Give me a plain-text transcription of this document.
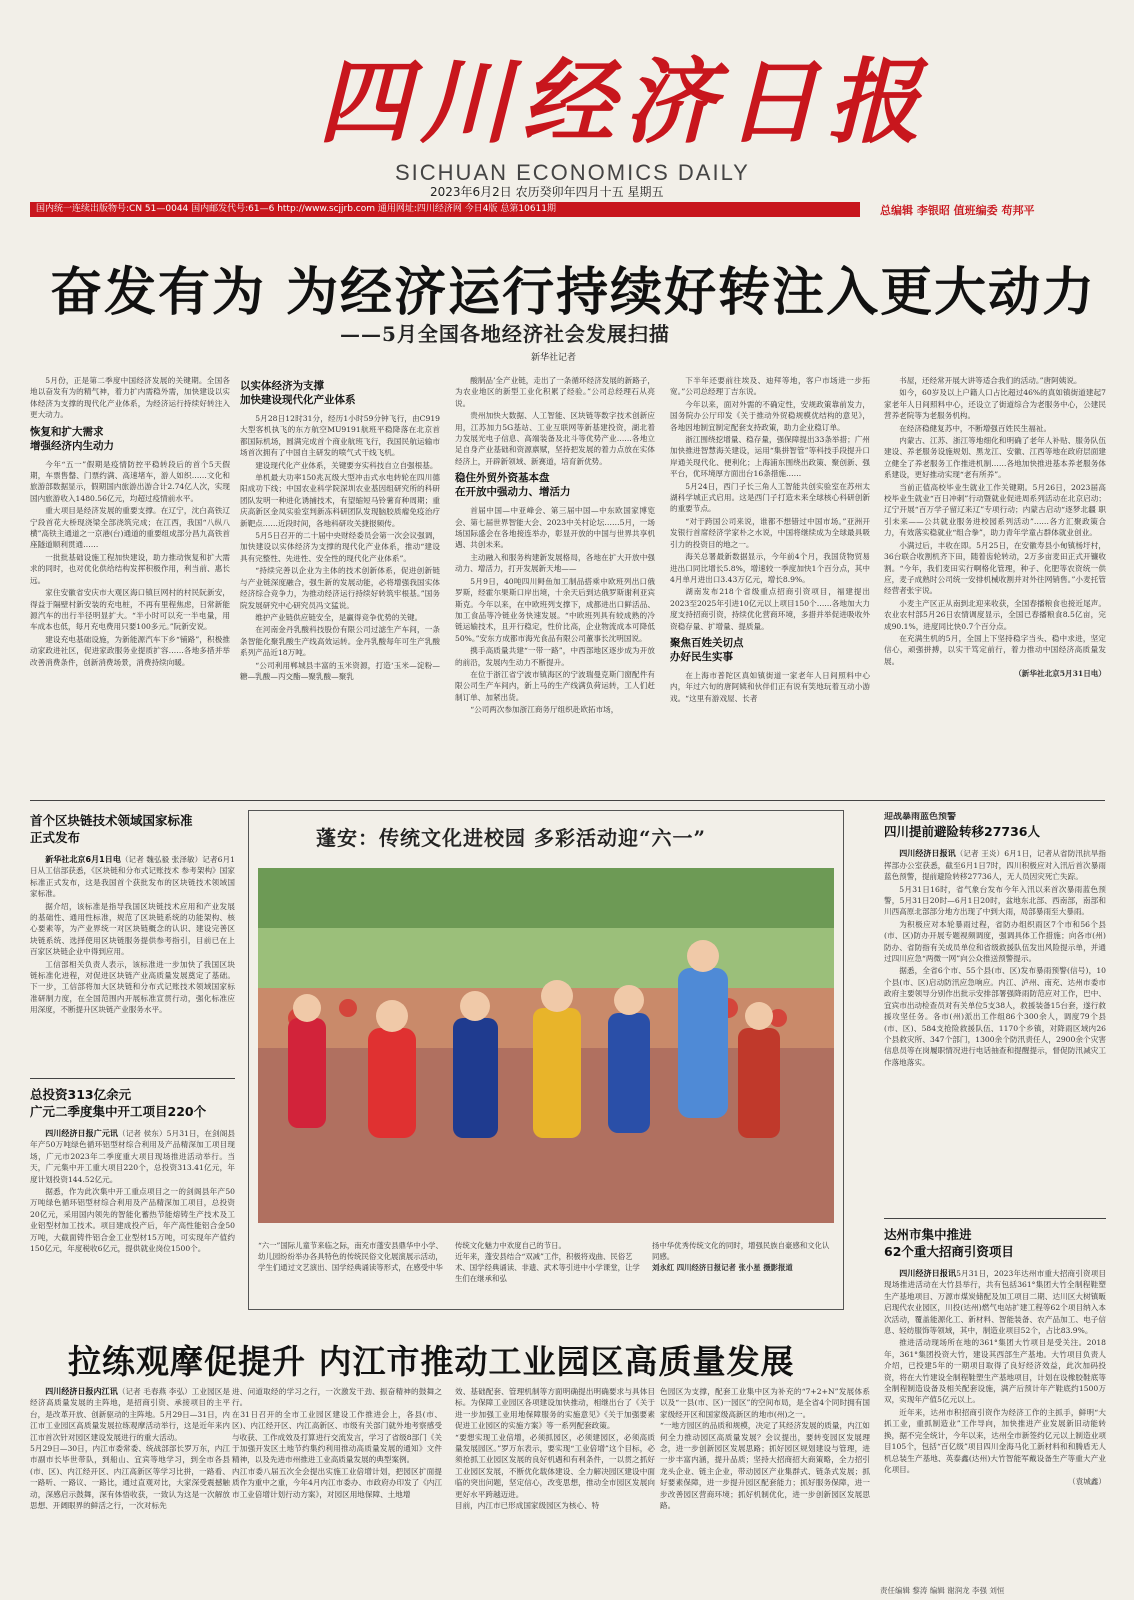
四川经济日报
SICHUAN ECONOMICS DAILY
2023年6月2日 农历癸卯年四月十五 星期五
国内统一连续出版物号:CN 51—0044 国内邮发代号:61—6 http://www.scjjrb.com 通用网址:四川经济网 今日4版 总第10611期	总编辑 李银昭 值班编委 苟邦平
奋发有为 为经济运行持续好转注入更大动力
——5月全国各地经济社会发展扫描
新华社记者

5月份，正是第二季度中国经济发展的关键期。全国各地以奋发有为的精气神，着力扩内需稳外需，加快建设以实体经济为支撑的现代化产业体系，为经济运行持续好转注入更大动力。

恢复和扩大需求
增强经济内生动力

今年“五一”假期是疫情防控平稳转段后的首个5天假期，车票售罄、门票约满、高速堵车，游人如织……文化和旅游部数据显示，假期国内旅游出游合计2.74亿人次，实现国内旅游收入1480.56亿元，均超过疫情前水平。

重大项目是经济发展的重要支撑。在辽宁，沈白高铁辽宁段首花大桥现浇梁全部浇筑完成；在江西，我国“八纵八横”高铁主通道之一京港(台)通道的重要组成部分昌九高铁首座隧道顺利贯通……

一批批基础设施工程加快建设，助力推动恢复和扩大需求的同时，也对优化供给结构发挥积极作用，利当前、惠长远。

家住安徽省安庆市大观区海口镇巨网村的村民阮新安，得益于隔壁村新安装的充电桩，不再有里程焦虑，日常新能源汽车的出行半径明显扩大。“半小时可以充一半电量，用车成本也低，每月充电费用只要100多元。”阮新安说。

建设充电基础设施，为新能源汽车下乡“铺路”，积极推动家政进社区，促进家政服务业提质扩容……各地多措并举改善消费条件，创新消费场景，消费持续向暖。

以实体经济为支撑
加快建设现代化产业体系

5月28日12时31分，经历1小时59分钟飞行，由C919大型客机执飞的东方航空MU9191航班平稳降落在北京首都国际机场，圆满完成首个商业航班飞行，我国民航运输市场首次拥有了中国自主研发的喷气式干线飞机。

建设现代化产业体系，关键要夯实科技自立自强根基。

单机最大功率150兆瓦级大型冲击式水电转轮在四川德阳成功下线；中国农业科学院深圳农业基因组研究所的科研团队发明一种进化诱捕技术，有望缩短马铃薯育种周期；重庆高新区金凤实验室判新冻科研团队发现脑胶质瘤免疫治疗新靶点……近段时间，各地科研攻关捷报频传。

5月5日召开的二十届中央财经委员会第一次会议强调，加快建设以实体经济为支撑的现代化产业体系，推动“建设具有完整性、先进性、安全性的现代化产业体系”。

“持续完善以企业为主体的技术创新体系，促进创新链与产业链深度融合，强生新的发展动能，必将增强我国实体经济综合竞争力，为推动经济运行持续好转筑牢根基。”国务院发展研究中心研究员冯文猛说。

维护产业链供应链安全，是赢得竞争优势的关键。

在河南金丹乳酸科技股份有限公司过滤生产车间，一条条智能化聚乳酸生产线高效运转。金丹乳酸每年可生产乳酸系列产品近18万吨。

“公司利用郸城县丰富的玉米资源，打造‘玉米—淀粉—糖—乳酸—丙交酯—聚乳酸—聚乳

酸制品’全产业链，走出了一条循环经济发展的新路子，为农业地区的新型工业化积累了经验。”公司总经理石从亮说。

贵州加快大数据、人工智能、区块链等数字技术创新应用，江苏加力5G基站、工业互联网等新基建投资，湖北着力发展光电子信息、高端装备及北斗等优势产业……各地立足自身产业基础和资源禀赋，坚持把发展的着力点放在实体经济上，开辟新领域、新赛道，培育新优势。

稳住外贸外资基本盘
在开放中强动力、增活力

首届中国—中亚峰会、第三届中国—中东欧国家博览会、第七届世界智能大会、2023中关村论坛……5月，一场场国际盛会在各地接连举办，彰显开放的中国与世界共享机遇、共创未来。

主动融入和服务构建新发展格局，各地在扩大开放中强动力、增活力，打开发展新天地——

5月9日，40吨四川鲟鱼加工制品搭乘中欧班列出口俄罗斯，经霍尔果斯口岸出境，十余天后到达俄罗斯谢利亚宾斯克。今年以来，在中欧班列支撑下，成都进出口鲜活品、加工食品等冷链业务快速发展。“中欧班列具有较成熟的冷链运输技术，且开行稳定，性价比高，企业物流成本可降低50%。”安东方成都市海光食品有限公司董事长沈明国说。

携手高质量共建“一带一路”，中西部地区逐步成为开放的前沿，发展内生动力不断提升。

在位于浙江省宁波市镇海区的宁波瑞曼克斯门窗配件有限公司生产车间内，新上马的生产线满负荷运转，工人们赶制订单、加紧出货。

“公司两次参加浙江商务厅组织赴欧拓市场，

下半年还要前往埃及、迪拜等地，客户市场进一步拓宽。”公司总经理丁吉东说。

今年以来，面对外需的不确定性，安规政策靠前发力，国务院办公厅印发《关于推动外贸稳规模优结构的意见》，各地因地制宜制定配套支持政策，助力企业稳订单。

浙江围绕挖增量、稳存量，强保障提出33条举措；广州加快推进智慧海关建设，运用“集拼智管”等科技手段提升口岸通关现代化、便利化；上海浦东围绕出政策、聚创新、强平台，优环境厚方面出台16条措施……

5月24日，西门子长三角人工智能共创实验室在苏州太湖科学城正式启用。这是西门子打造未来全球核心科研创新的重要节点。

“对于跨国公司来说，谁都不想错过中国市场。”亚洲开发银行首席经济学家朴之水说，中国将继续成为全球最具吸引力的投资目的地之一。

海关总署最新数据显示，今年前4个月，我国货物贸易进出口同比增长5.8%，增速较一季度加快1个百分点，其中4月单月进出口3.43万亿元，增长8.9%。

湖南发布218个省级重点招商引资项目，福建提出2023至2025年引进10亿元以上项目150个……各地加大力度支持招商引资，持续优化营商环境，多措并举促进吸收外资稳存量、扩增量、提质量。

聚焦百姓关切点
办好民生实事

在上海市普陀区真如镇街道一家老年人日间照料中心内，年过六旬的唐阿姨和伙伴们正有说有笑地玩着互动小游戏。“这里有游戏屋、长者

书屋，还经常开展大讲等适合我们的活动。”唐阿姨说。

如今，60岁及以上户籍人口占比超过46%的真如镇街道建起7家老年人日间照料中心，还设立了街道综合为老服务中心，公建民营养老院等为老服务机构。

在经济稳健复苏中，不断增强百姓民生福祉。

内蒙古、江苏、浙江等地细化和明确了老年人补贴、服务队伍建设、养老服务设施规划、黑龙江、安徽、江西等地在政府层面建立健全了养老服务工作推进机制……各地加快推进基本养老服务体系建设，更好推动实现“老有所养”。

当前正值高校毕业生就业工作关键期。5月26日，2023届高校毕业生就业“百日冲刺”行动暨就业促进周系列活动在北京启动；辽宁开展“百万学子留辽来辽”专项行动；内蒙古启动“逐梦北疆 职引未来——公共就业服务进校园系列活动”……各方汇聚政策合力，有效落实稳就业“组合拳”，助力青年学童占群体就业创业。

小满过后，丰收在即。5月25日，在安徽寿县小甸镇杨圩村，36台联合收割机齐下田，随着齿轮转动，2万多亩麦田正式开镰收割。“今年，我们麦田实行啊格化管理，种子、化肥等农资统一供应，麦子成熟时公司统一安排机械收割并对外往网销售。”小麦托管经营者张宇说。

小麦主产区正从南到北迎来收获，全国春播粮食也接近尾声。农业农村部5月26日农情调度显示，全国已春播粮食8.5亿亩，完成90.1%，进度同比快0.7个百分点。

在充满生机的5月，全国上下坚持稳字当头、稳中求进，坚定信心，顽强拼搏，以实干笃定前行，着力推动中国经济高质量发展。

（新华社北京5月31日电）

首个区块链技术领域国家标准
正式发布

新华社北京6月1日电（记者 魏弘毅 张泽敏）记者6月1日从工信部获悉，《区块链和分布式记账技术 参考架构》国家标准正式发布，这是我国首个获批发布的区块链技术领域国家标准。

据介绍，该标准是指导我国区块链技术应用和产业发展的基础性、通用性标准，规范了区块链系统的功能架构、核心要素等，为产业界统一对区块链概念的认识、建设完善区块链系统、选择使用区块链服务提供参考指引，目前已在上百家区块链企业中得到应用。

工信部相关负责人表示，该标准进一步加快了我国区块链标准化进程，对促进区块链产业高质量发展奠定了基础。下一步，工信部将加大区块链和分布式记账技术领域国家标准研制力度，在全国范围内开展标准宣贯行动，强化标准应用深度，不断提升区块链产业服务水平。

总投资313亿余元
广元二季度集中开工项目220个

四川经济日报广元讯（记者 侯东）5月31日，在剑阁县年产50万吨绿色循环铝型材综合利用及产品精深加工项目现场，广元市2023年二季度重大项目现场推进活动举行。当天，广元集中开工重大项目220个，总投资313.41亿元，年度计划投资144.52亿元。

据悉，作为此次集中开工重点项目之一的剑阁县年产50万吨绿色循环铝型材综合利用及产品精深加工项目，总投资20亿元，采用国内领先的智能化蓄热节能熔铸生产技术及工业铝型材加工技术。项目建成投产后，年产高性能铝合金50万吨，大截面铸件铝合金工业型材15万吨，可实现年产值约150亿元，年度税收6亿元，提供就业岗位1500个。

蓬安：传统文化进校园 多彩活动迎“六一”
“六一”国际儿童节来临之际，南充市蓬安县鼎华中小学、幼儿园纷纷举办各具特色的传统民俗文化展演展示活动，学生们通过文艺演出、国学经典诵读等形式，在感受中华
传统文化魅力中欢度自己的节日。
近年来，蓬安县结合“双减”工作，积极将戏曲、民俗艺术、国学经典诵读、非遗、武术等引进中小学课堂，让学生们在继承和弘
扬中华优秀传统文化的同时，增强民族自豪感和文化认同感。
刘永红 四川经济日报记者 张小星 摄影报道
迎战暴雨蓝色预警
四川提前避险转移27736人

四川经济日报讯（记者 王炎）6月1日，记者从省防汛抗旱指挥部办公室获悉，截至6月1日7时，四川积极应对入汛后首次暴雨蓝色预警，提前避险转移27736人，无人员因灾死亡失踪。

5月31日16时，省气象台发布今年入汛以来首次暴雨蓝色预警，5月31日20时—6月1日20时，盆地东北部、西南部，南部和川西高原北部部分地方出现了中到大雨，局部暴雨至大暴雨。

为积极应对本轮暴雨过程，省防办组织雨区7个市和56个县(市、区)防办开展专题视频调度，强调具体工作措施；向各市(州)防办、省防指有关成员单位和省级救援队伍发出风险提示单，并通过四川应急“两微一网”向公众推送预警提示。

据悉，全省6个市、55个县(市、区)发布暴雨预警(信号)，10个县(市、区)启动防汛应急响应。内江、泸州、南充、达州市委市政府主要领导分别作出批示安排部署强降雨防范应对工作，巴中、宜宾市出动检查员对有关单位5支38人，救援装备15台套，遂行救援攻坚任务。各市(州)派出工作组86个300余人，调度79个县(市、区)、584支抢险救援队伍、1170个乡镇，对降雨区域内26个县救灾所、347个部门，1300余个防汛责任人，2900余个灾害信息员等在岗履职情况进行电话抽查和提醒提示，督促防汛减灾工作落地落实。

达州市集中推进
62个重大招商引资项目

四川经济日报讯5月31日，2023年达州市重大招商引资项目现场推进活动在大竹县举行，共有包括361°集团大竹全制程鞋塑生产基地项目、万源市煤炭储配及加工项目二期、达川区大树镇畈启现代农业园区，川投(达州)燃气电站扩建工程等62个项目纳入本次活动，覆盖能源化工、新材料、智能装备、农产品加工、电子信息、轻纺服饰等领域，其中，制造业项目52个，占比83.9%。

推进活动现场所在地的361°集团大竹项目是受关注。2018年，361°集团投资大竹，建设其西部生产基地。大竹项目负责人介绍，已投建5年的一期项目取得了良好经济效益，此次加码投资，将在大竹建设全制程鞋塑生产基地项目，计划在设橡胶鞋底等全制程制造设备及相关配套设施，满产后预计年产鞋底约1500万双，实现年产值5亿元以上。

近年来，达州市积招商引资作为经济工作的主抓手，鲜明“大抓工业，重抓制造业”工作导向，加快推进产业发展新旧动能转换，据不完全统计，今年以来，达州全市新签约亿元以上制造业项目105个，包括“百亿级”项目四川金海马化工新材料和和腾盾无人机总装生产基地、英泰鑫(达州)大竹智能军戴设备生产等重大产业化项目。

（袁城鑫）

拉练观摩促提升 内江市推动工业园区高质量发展

四川经济日报内江讯（记者 毛春燕 李弘）工业园区是经济高质量发展的主阵地，是招商引资、承接项目的主平台，是改革开放、创新驱动的主阵地。5月29日—31日，内江市工业园区高质量发展拉练观摩活动举行，这是近年来内江市首次针对园区建设发展进行的重大活动。
5月29日—30日，内江市委常委、统战部部长罗万东，内江市副市长毕世带队，到船山、宜宾等地学习，到全市各县(市、区)、内江经开区、内江高新区等学习比拼，一路看、一路听、一路议、一路比，通过直观对比，大家深受震撼触动，深感启示鼓舞，深有体悟收获，一致认为这是一次解放思想、开阔眼界的鲜活之行，一次对标先

进、问道取经的学习之行，一次激发干劲、振奋精神的鼓舞之行。
在31日召开的全市工业园区建设工作推进会上，各县(市、区)、内江经开区、内江高新区、市级有关部门就外地考察感受与收获、工作成效及打算进行交流发言，学习了省级8部门《关于加强开发区土地节约集约利用推动高质量发展的通知》文件精神，以及先进市州推进工业高质量发展的典型案例。
内江市委八届五次全会提出实施工业倍增计划，把园区扩面提质作为重中之重，今年4月内江市委办、市政府办印发了《内江市工业倍增计划行动方案》，对园区用地保障、土地增
效、基础配套、管理机制等方面明确提出明确要求与具体目标。为保障工业园区各项建设加快推动，相继出台了《关于进一步加强工业用地保障服务的实施意见》《关于加强要素促进工业园区的实施方案》等一系列配套政策。
“要想实现工业倍增，必须抓园区，必须建园区，必须高质量发展园区。”罗万东表示，要实现“工业倍增”这个目标，必须抢抓工业园区发展的良好机遇和有利条件，一以贯之抓好工业园区发展，不断优化载体建设、全力解决园区建设中面临的突出问题，坚定信心，改变思想，推动全市园区发展向更好水平跨越迈进。
目前，内江市已形成国家级园区为核心、特
色园区为支撑，配套工业集中区为补充的“7+2+N”发展体系以及“一县(市、区)一园区”的空间布局，是全省4个同时拥有国家级经开区和国家级高新区的地市(州)之一。
“一地方园区的品质和规模，决定了其经济发展的质量，内江如何全力推动园区高质量发展？会议提出，要转变园区发展理念，进一步创新园区发展思路；抓好园区规划建设与管理，进一步丰富内涵，提升品质；坚持大招商招大商策略，全力招引龙头企业、链主企业，带动园区产业集群式、链条式发展；抓好要素保障，进一步提升园区配套能力；抓好服务保障，进一步改善园区营商环境；抓好机制优化，进一步创新园区发展思路。
责任编辑 黎涛 编辑 谢润龙 李强 刘恒
